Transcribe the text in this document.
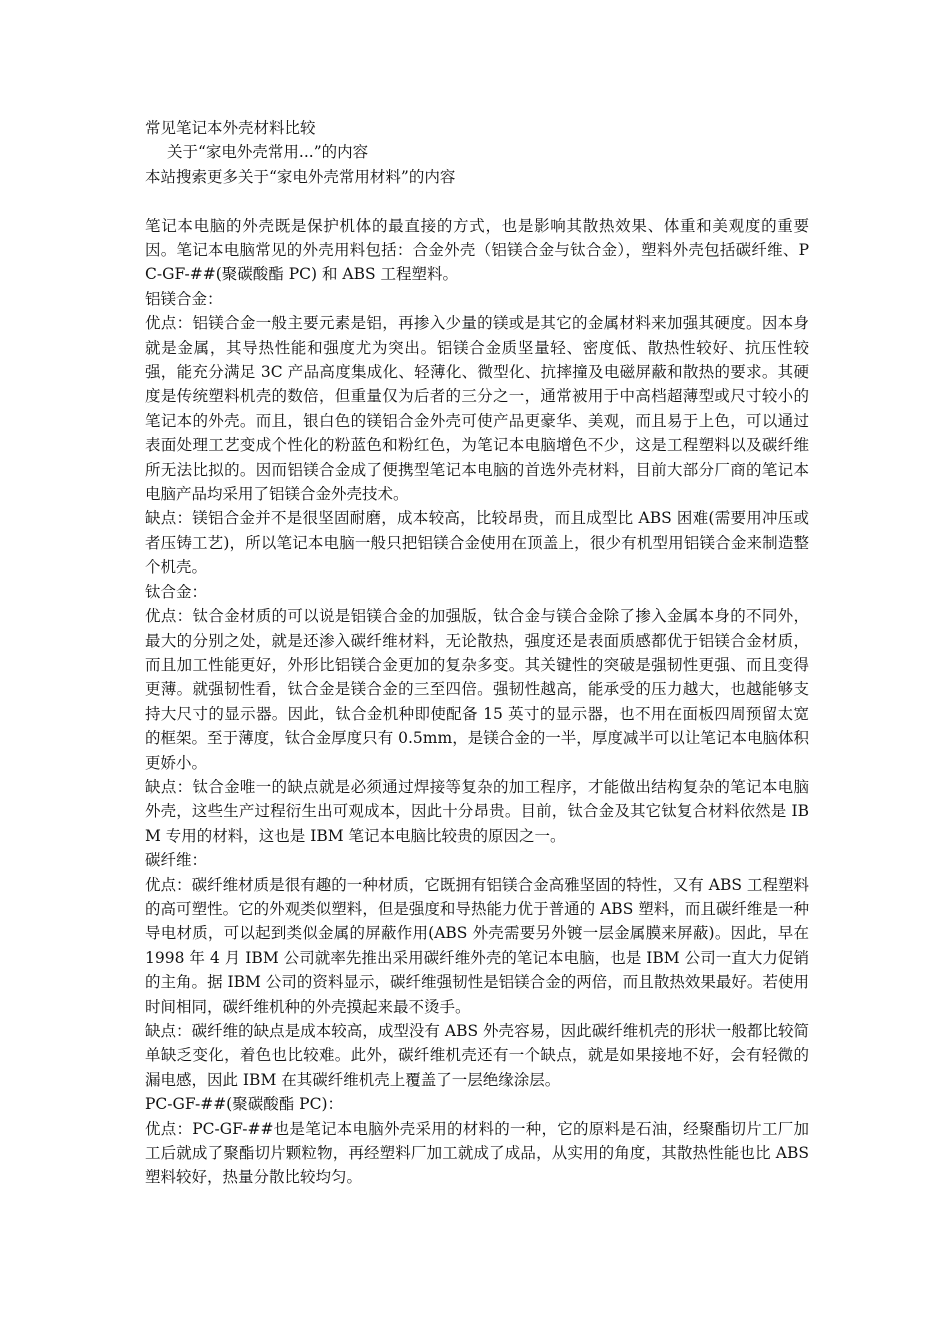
常见笔记本外壳材料比较

关于“家电外壳常用...”的内容

本站搜索更多关于“家电外壳常用材料”的内容

笔记本电脑的外壳既是保护机体的最直接的方式，也是影响其散热效果、体重和美观度的重要因。笔记本电脑常见的外壳用料包括：合金外壳（铝镁合金与钛合金），塑料外壳包括碳纤维、PC-GF-##(聚碳酸酯 PC) 和 ABS 工程塑料。

铝镁合金：

优点：铝镁合金一般主要元素是铝，再掺入少量的镁或是其它的金属材料来加强其硬度。因本身就是金属，其导热性能和强度尤为突出。铝镁合金质坚量轻、密度低、散热性较好、抗压性较强，能充分满足 3C 产品高度集成化、轻薄化、微型化、抗摔撞及电磁屏蔽和散热的要求。其硬度是传统塑料机壳的数倍，但重量仅为后者的三分之一，通常被用于中高档超薄型或尺寸较小的笔记本的外壳。而且，银白色的镁铝合金外壳可使产品更豪华、美观，而且易于上色，可以通过表面处理工艺变成个性化的粉蓝色和粉红色，为笔记本电脑增色不少，这是工程塑料以及碳纤维所无法比拟的。因而铝镁合金成了便携型笔记本电脑的首选外壳材料，目前大部分厂商的笔记本电脑产品均采用了铝镁合金外壳技术。

缺点：镁铝合金并不是很坚固耐磨，成本较高，比较昂贵，而且成型比 ABS 困难(需要用冲压或者压铸工艺)，所以笔记本电脑一般只把铝镁合金使用在顶盖上，很少有机型用铝镁合金来制造整个机壳。

钛合金：

优点：钛合金材质的可以说是铝镁合金的加强版，钛合金与镁合金除了掺入金属本身的不同外，最大的分别之处，就是还渗入碳纤维材料，无论散热，强度还是表面质感都优于铝镁合金材质，而且加工性能更好，外形比铝镁合金更加的复杂多变。其关键性的突破是强韧性更强、而且变得更薄。就强韧性看，钛合金是镁合金的三至四倍。强韧性越高，能承受的压力越大，也越能够支持大尺寸的显示器。因此，钛合金机种即使配备 15 英寸的显示器，也不用在面板四周预留太宽的框架。至于薄度，钛合金厚度只有 0.5mm，是镁合金的一半，厚度减半可以让笔记本电脑体积更娇小。

缺点：钛合金唯一的缺点就是必须通过焊接等复杂的加工程序，才能做出结构复杂的笔记本电脑外壳，这些生产过程衍生出可观成本，因此十分昂贵。目前，钛合金及其它钛复合材料依然是 IBM 专用的材料，这也是 IBM 笔记本电脑比较贵的原因之一。

碳纤维：

优点：碳纤维材质是很有趣的一种材质，它既拥有铝镁合金高雅坚固的特性，又有 ABS 工程塑料的高可塑性。它的外观类似塑料，但是强度和导热能力优于普通的 ABS 塑料，而且碳纤维是一种导电材质，可以起到类似金属的屏蔽作用(ABS 外壳需要另外镀一层金属膜来屏蔽)。因此，早在 1998 年 4 月 IBM 公司就率先推出采用碳纤维外壳的笔记本电脑，也是 IBM 公司一直大力促销的主角。据 IBM 公司的资料显示，碳纤维强韧性是铝镁合金的两倍，而且散热效果最好。若使用时间相同，碳纤维机种的外壳摸起来最不烫手。

缺点：碳纤维的缺点是成本较高，成型没有 ABS 外壳容易，因此碳纤维机壳的形状一般都比较简单缺乏变化，着色也比较难。此外，碳纤维机壳还有一个缺点，就是如果接地不好，会有轻微的漏电感，因此 IBM 在其碳纤维机壳上覆盖了一层绝缘涂层。

PC-GF-##(聚碳酸酯 PC)：

优点：PC-GF-##也是笔记本电脑外壳采用的材料的一种，它的原料是石油，经聚酯切片工厂加工后就成了聚酯切片颗粒物，再经塑料厂加工就成了成品，从实用的角度，其散热性能也比 ABS 塑料较好，热量分散比较均匀。
